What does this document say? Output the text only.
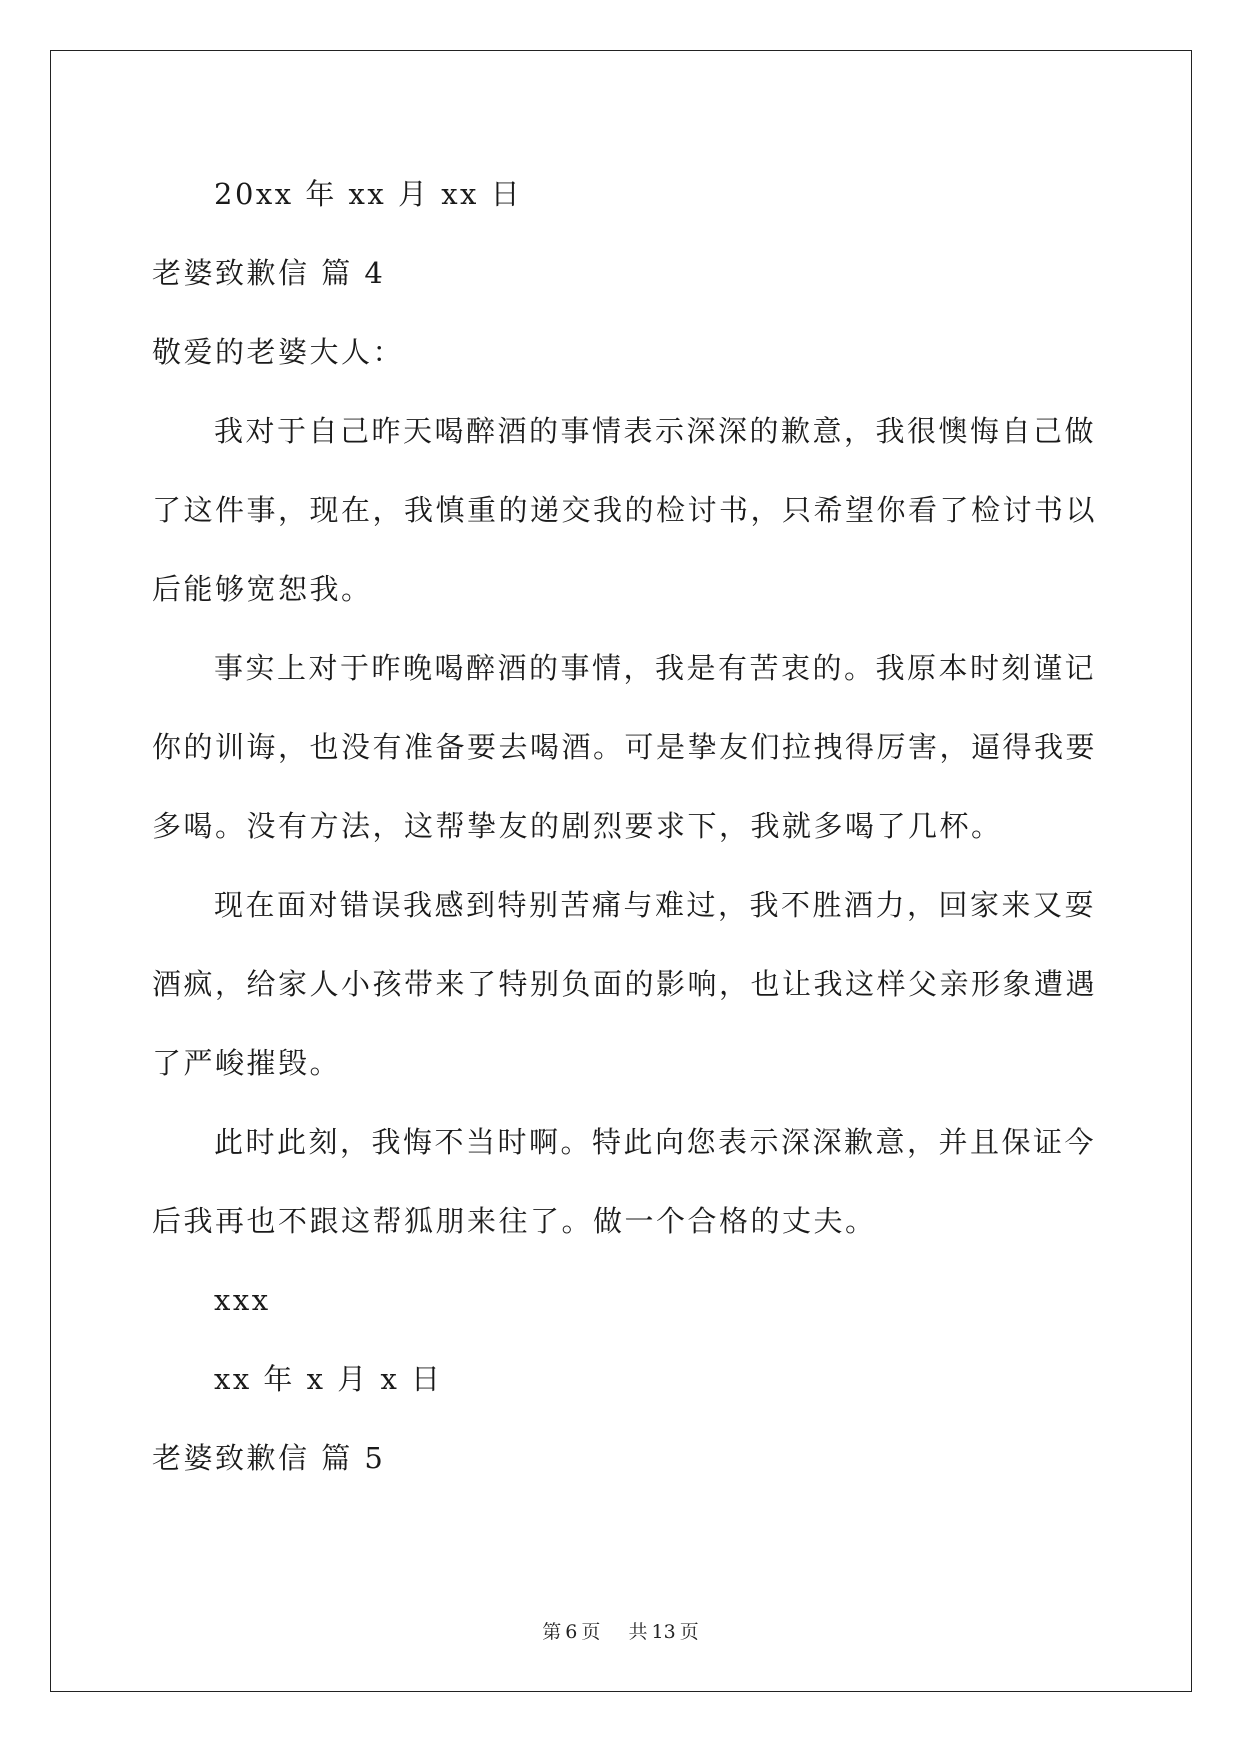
20xx 年 xx 月 xx 日
老婆致歉信 篇 4
敬爱的老婆大人：
我对于自己昨天喝醉酒的事情表示深深的歉意，我很懊悔自己做
了这件事，现在，我慎重的递交我的检讨书，只希望你看了检讨书以
后能够宽恕我。
事实上对于昨晚喝醉酒的事情，我是有苦衷的。我原本时刻谨记
你的训诲，也没有准备要去喝酒。可是挚友们拉拽得厉害，逼得我要
多喝。没有方法，这帮挚友的剧烈要求下，我就多喝了几杯。
现在面对错误我感到特别苦痛与难过，我不胜酒力，回家来又耍
酒疯，给家人小孩带来了特别负面的影响，也让我这样父亲形象遭遇
了严峻摧毁。
此时此刻，我悔不当时啊。特此向您表示深深歉意，并且保证今
后我再也不跟这帮狐朋来往了。做一个合格的丈夫。
xxx
xx 年 x 月 x 日
老婆致歉信 篇 5
第 6 页 共 13 页
